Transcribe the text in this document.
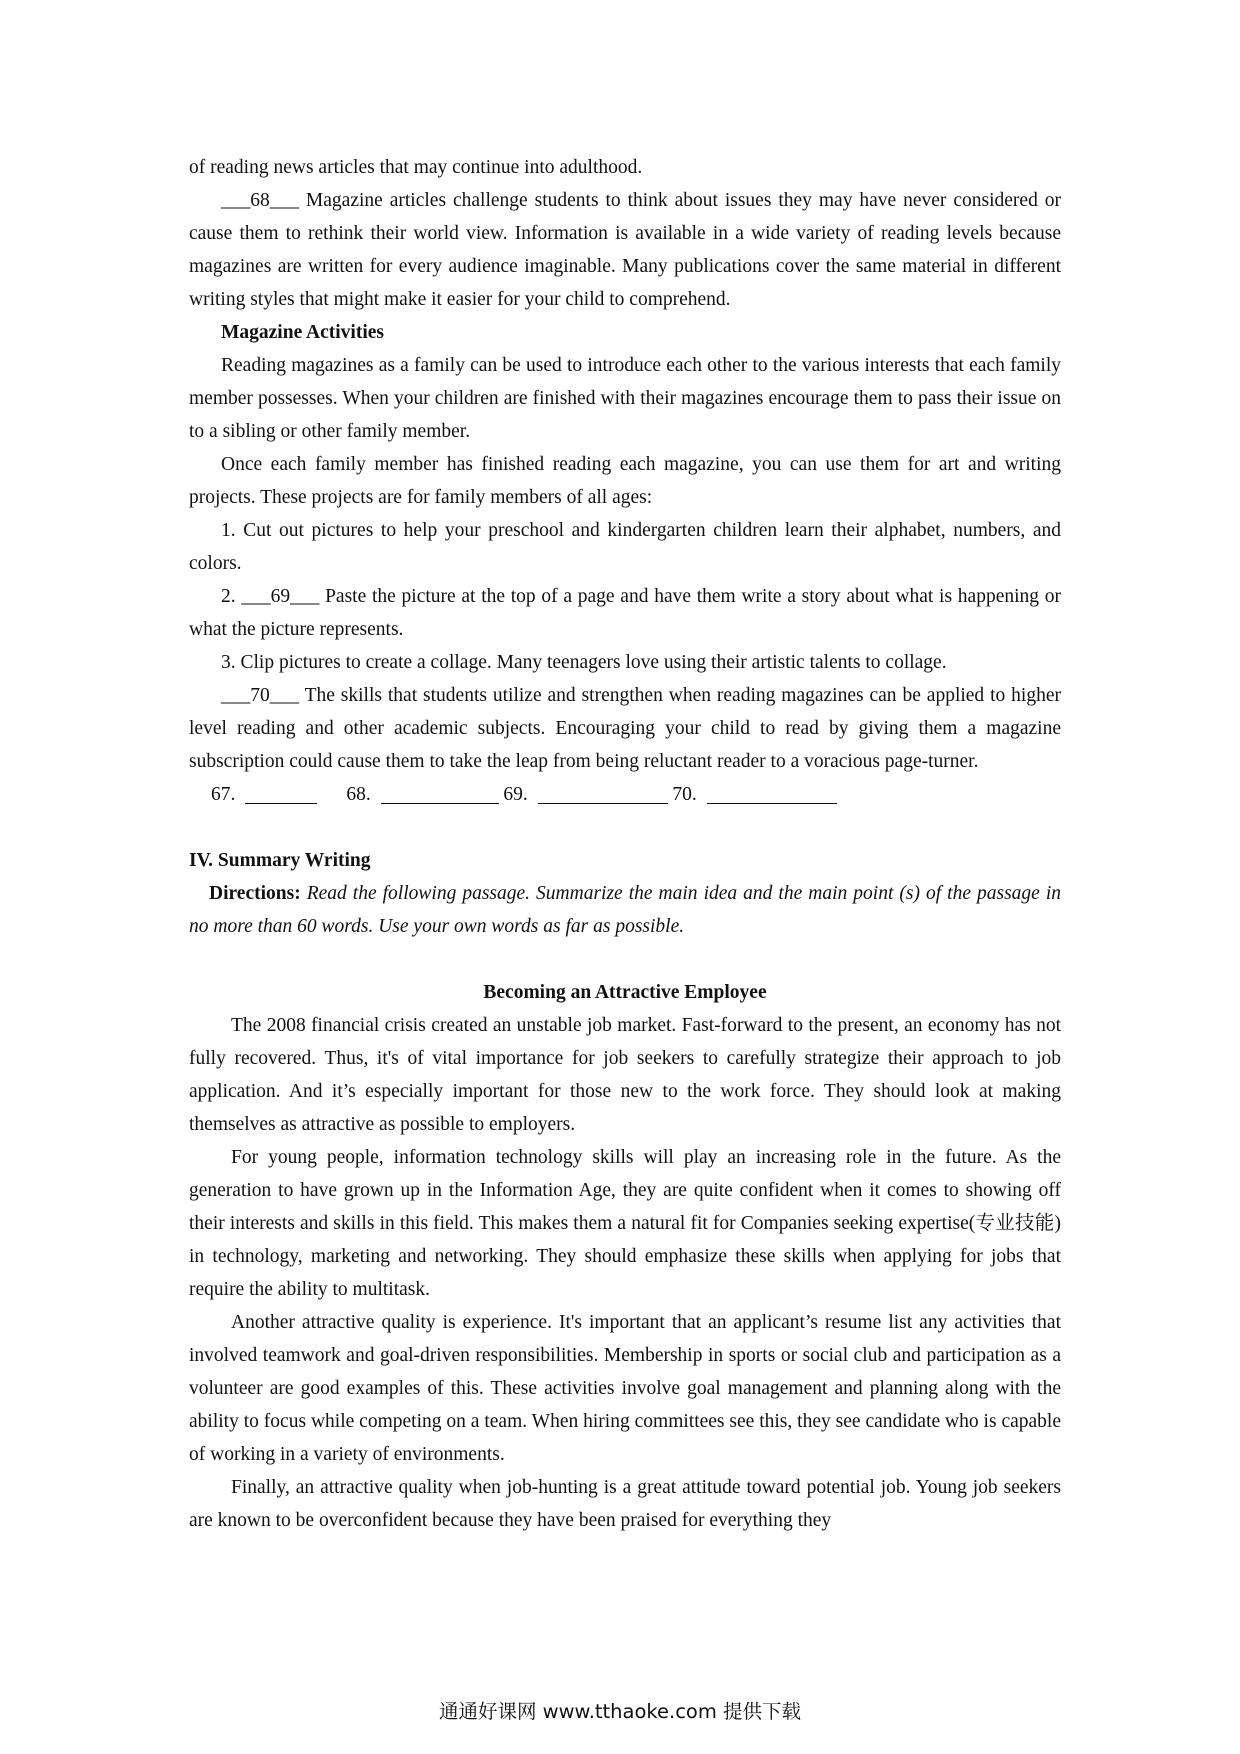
of reading news articles that may continue into adulthood.

___68___ Magazine articles challenge students to think about issues they may have never considered or cause them to rethink their world view. Information is available in a wide variety of reading levels because magazines are written for every audience imaginable. Many publications cover the same material in different writing styles that might make it easier for your child to comprehend.

Magazine Activities

Reading magazines as a family can be used to introduce each other to the various interests that each family member possesses. When your children are finished with their magazines encourage them to pass their issue on to a sibling or other family member.

Once each family member has finished reading each magazine, you can use them for art and writing projects. These projects are for family members of all ages:

1. Cut out pictures to help your preschool and kindergarten children learn their alphabet, numbers, and colors.

2. ___69___ Paste the picture at the top of a page and have them write a story about what is happening or what the picture represents.

3. Clip pictures to create a collage. Many teenagers love using their artistic talents to collage.

___70___ The skills that students utilize and strengthen when reading magazines can be applied to higher level reading and other academic subjects. Encouraging your child to read by giving them a magazine subscription could cause them to take the leap from being reluctant reader to a voracious page-turner.

67.	68.	69.	70.

IV. Summary Writing

Directions: Read the following passage. Summarize the main idea and the main point (s) of the passage in no more than 60 words. Use your own words as far as possible.

Becoming an Attractive Employee

The 2008 financial crisis created an unstable job market. Fast-forward to the present, an economy has not fully recovered. Thus, it's of vital importance for job seekers to carefully strategize their approach to job application. And it’s especially important for those new to the work force. They should look at making themselves as attractive as possible to employers.

For young people, information technology skills will play an increasing role in the future. As the generation to have grown up in the Information Age, they are quite confident when it comes to showing off their interests and skills in this field. This makes them a natural fit for Companies seeking expertise(专业技能) in technology, marketing and networking. They should emphasize these skills when applying for jobs that require the ability to multitask.

Another attractive quality is experience. It's important that an applicant’s resume list any activities that involved teamwork and goal-driven responsibilities. Membership in sports or social club and participation as a volunteer are good examples of this. These activities involve goal management and planning along with the ability to focus while competing on a team. When hiring committees see this, they see candidate who is capable of working in a variety of environments.

Finally, an attractive quality when job-hunting is a great attitude toward potential job. Young job seekers are known to be overconfident because they have been praised for everything they

通通好课网 www.tthaoke.com 提供下载
